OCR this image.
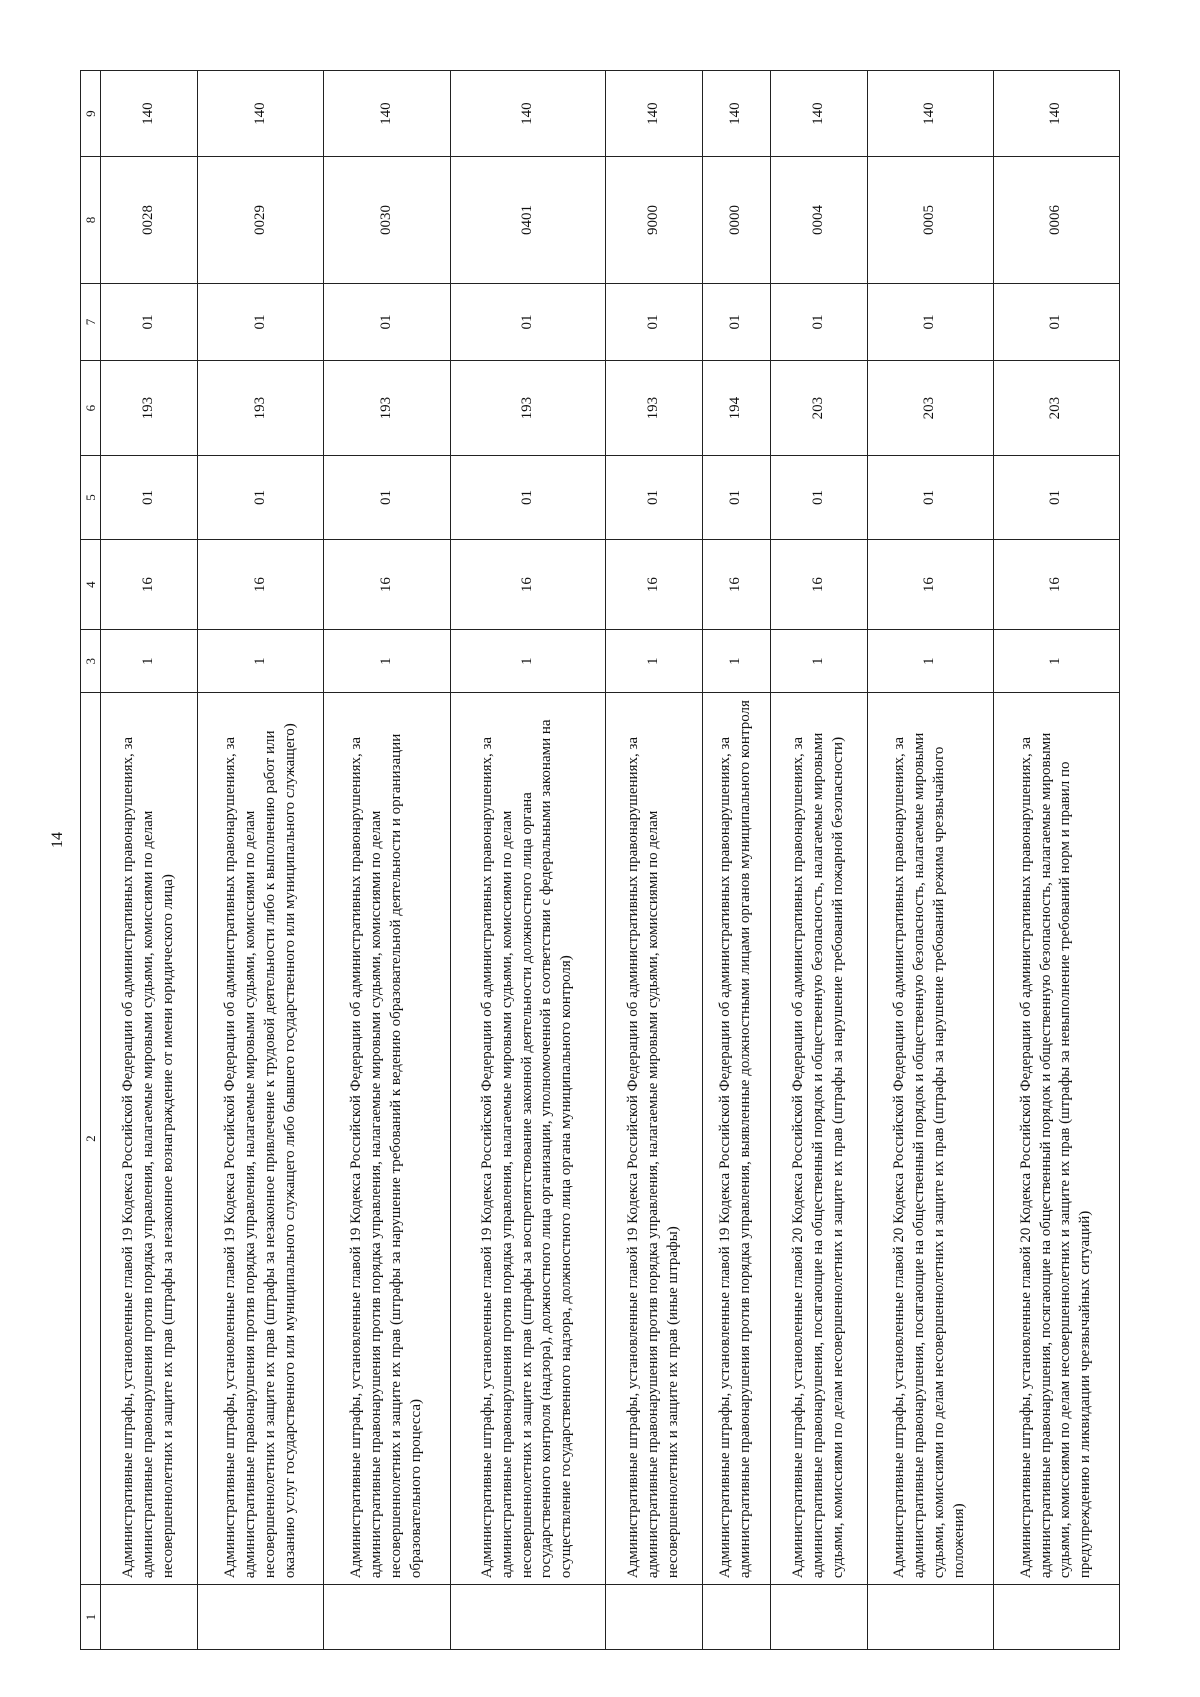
14
1	2	3	4	5	6	7	8	9
	Административные штрафы, установленные главой 19 Кодекса Российской Федерации об административных правонарушениях, за административные правонарушения против порядка управления, налагаемые мировыми судьями, комиссиями по делам несовершеннолетних и защите их прав (штрафы за незаконное вознаграждение от имени юридического лица)	1	16	01	193	01	0028	140
	Административные штрафы, установленные главой 19 Кодекса Российской Федерации об административных правонарушениях, за административные правонарушения против порядка управления, налагаемые мировыми судьями, комиссиями по делам несовершеннолетних и защите их прав (штрафы за незаконное привлечение к трудовой деятельности либо к выполнению работ или оказанию услуг государственного или муниципального служащего либо бывшего государственного или муниципального служащего)	1	16	01	193	01	0029	140
	Административные штрафы, установленные главой 19 Кодекса Российской Федерации об административных правонарушениях, за административные правонарушения против порядка управления, налагаемые мировыми судьями, комиссиями по делам несовершеннолетних и защите их прав (штрафы за нарушение требований к ведению образовательной деятельности и организации образовательного процесса)	1	16	01	193	01	0030	140
	Административные штрафы, установленные главой 19 Кодекса Российской Федерации об административных правонарушениях, за административные правонарушения против порядка управления, налагаемые мировыми судьями, комиссиями по делам несовершеннолетних и защите их прав (штрафы за воспрепятствование законной деятельности должностного лица органа государственного контроля (надзора), должностного лица организации, уполномоченной в соответствии с федеральными законами на осуществление государственного надзора, должностного лица органа муниципального контроля)	1	16	01	193	01	0401	140
	Административные штрафы, установленные главой 19 Кодекса Российской Федерации об административных правонарушениях, за административные правонарушения против порядка управления, налагаемые мировыми судьями, комиссиями по делам несовершеннолетних и защите их прав (иные штрафы)	1	16	01	193	01	9000	140
	Административные штрафы, установленные главой 19 Кодекса Российской Федерации об административных правонарушениях, за административные правонарушения против порядка управления, выявленные должностными лицами органов муниципального контроля	1	16	01	194	01	0000	140
	Административные штрафы, установленные главой 20 Кодекса Российской Федерации об административных правонарушениях, за административные правонарушения, посягающие на общественный порядок и общественную безопасность, налагаемые мировыми судьями, комиссиями по делам несовершеннолетних и защите их прав (штрафы за нарушение требований пожарной безопасности)	1	16	01	203	01	0004	140
	Административные штрафы, установленные главой 20 Кодекса Российской Федерации об административных правонарушениях, за административные правонарушения, посягающие на общественный порядок и общественную безопасность, налагаемые мировыми судьями, комиссиями по делам несовершеннолетних и защите их прав (штрафы за нарушение требований режима чрезвычайного положения)	1	16	01	203	01	0005	140
	Административные штрафы, установленные главой 20 Кодекса Российской Федерации об административных правонарушениях, за административные правонарушения, посягающие на общественный порядок и общественную безопасность, налагаемые мировыми судьями, комиссиями по делам несовершеннолетних и защите их прав (штрафы за невыполнение требований норм и правил по предупреждению и ликвидации чрезвычайных ситуаций)	1	16	01	203	01	0006	140
